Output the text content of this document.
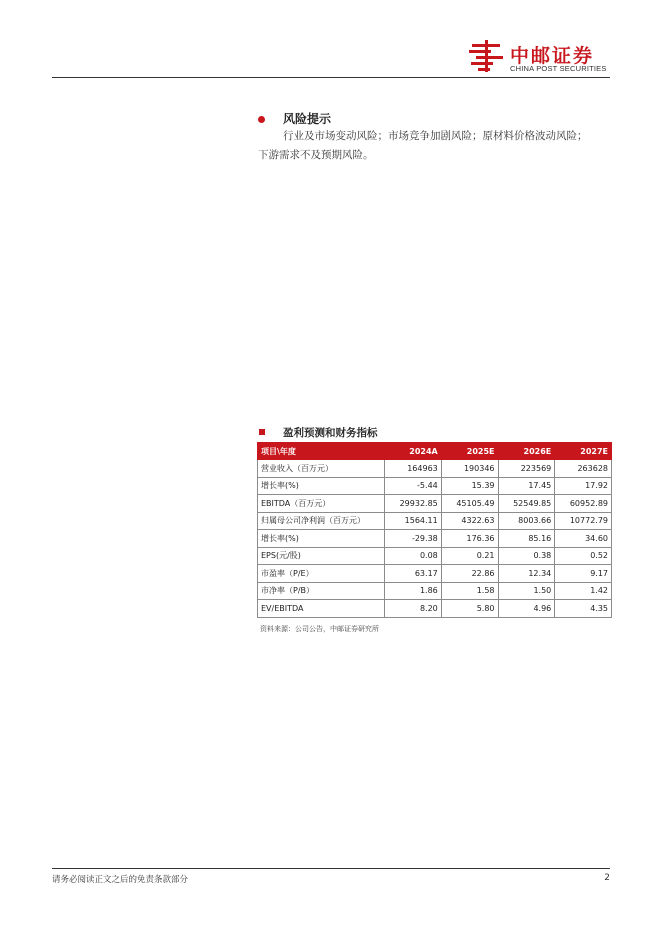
中邮证券
CHINA POST SECURITIES
风险提示
行业及市场变动风险；市场竞争加剧风险；原材料价格波动风险；
下游需求不及预期风险。
盈利预测和财务指标
项目\年度	2024A	2025E	2026E	2027E
营业收入（百万元）	164963	190346	223569	263628
增长率(%)	-5.44	15.39	17.45	17.92
EBITDA（百万元）	29932.85	45105.49	52549.85	60952.89
归属母公司净利润（百万元）	1564.11	4322.63	8003.66	10772.79
增长率(%)	-29.38	176.36	85.16	34.60
EPS(元/股)	0.08	0.21	0.38	0.52
市盈率（P/E）	63.17	22.86	12.34	9.17
市净率（P/B）	1.86	1.58	1.50	1.42
EV/EBITDA	8.20	5.80	4.96	4.35
资料来源：公司公告，中邮证券研究所
请务必阅读正文之后的免责条款部分	2
